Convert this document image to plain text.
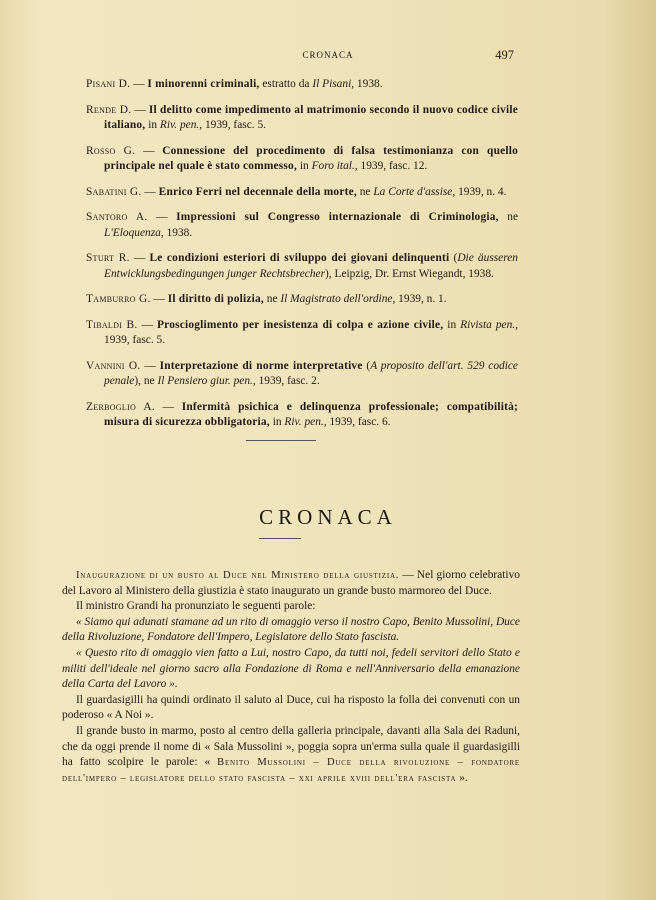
CRONACA	497

Pisani D. — I minorenni criminali, estratto da Il Pisani, 1938.

Rende D. — Il delitto come impedimento al matrimonio secondo il nuovo codice civile italiano, in Riv. pen., 1939, fasc. 5.

Rosso G. — Connessione del procedimento di falsa testimonianza con quello principale nel quale è stato commesso, in Foro ital., 1939, fasc. 12.

Sabatini G. — Enrico Ferri nel decennale della morte, ne La Corte d'assise, 1939, n. 4.

Santoro A. — Impressioni sul Congresso internazionale di Criminologia, ne L'Eloquenza, 1938.

Sturt R. — Le condizioni esteriori di sviluppo dei giovani delinquenti (Die äusseren Entwicklungsbedingungen junger Rechtsbrecher), Leipzig, Dr. Ernst Wiegandt, 1938.

Tamburro G. — Il diritto di polizia, ne Il Magistrato dell'ordine, 1939, n. 1.

Tibaldi B. — Proscioglimento per inesistenza di colpa e azione civile, in Rivista pen., 1939, fasc. 5.

Vannini O. — Interpretazione di norme interpretative (A proposito dell'art. 529 codice penale), ne Il Pensiero giur. pen., 1939, fasc. 2.

Zerboglio A. — Infermità psichica e delinquenza professionale; compatibilità; misura di sicurezza obbligatoria, in Riv. pen., 1939, fasc. 6.

CRONACA

Inaugurazione di un busto al Duce nel Ministero della giustizia. — Nel giorno celebrativo del Lavoro al Ministero della giustizia è stato inaugurato un grande busto marmoreo del Duce.

Il ministro Grandi ha pronunziato le seguenti parole:

« Siamo qui adunati stamane ad un rito di omaggio verso il nostro Capo, Benito Mussolini, Duce della Rivoluzione, Fondatore dell'Impero, Legislatore dello Stato fascista.

« Questo rito di omaggio vien fatto a Lui, nostro Capo, da tutti noi, fedeli servitori dello Stato e militi dell'ideale nel giorno sacro alla Fondazione di Roma e nell'Anniversario della emanazione della Carta del Lavoro ».

Il guardasigilli ha quindi ordinato il saluto al Duce, cui ha risposto la folla dei convenuti con un poderoso « A Noi ».

Il grande busto in marmo, posto al centro della galleria principale, davanti alla Sala dei Raduni, che da oggi prende il nome di « Sala Mussolini », poggia sopra un'erma sulla quale il guardasigilli ha fatto scolpire le parole: « Benito Mussolini – Duce della rivoluzione – fondatore dell'impero – legislatore dello stato fascista – xxi aprile xviii dell'era fascista ».
